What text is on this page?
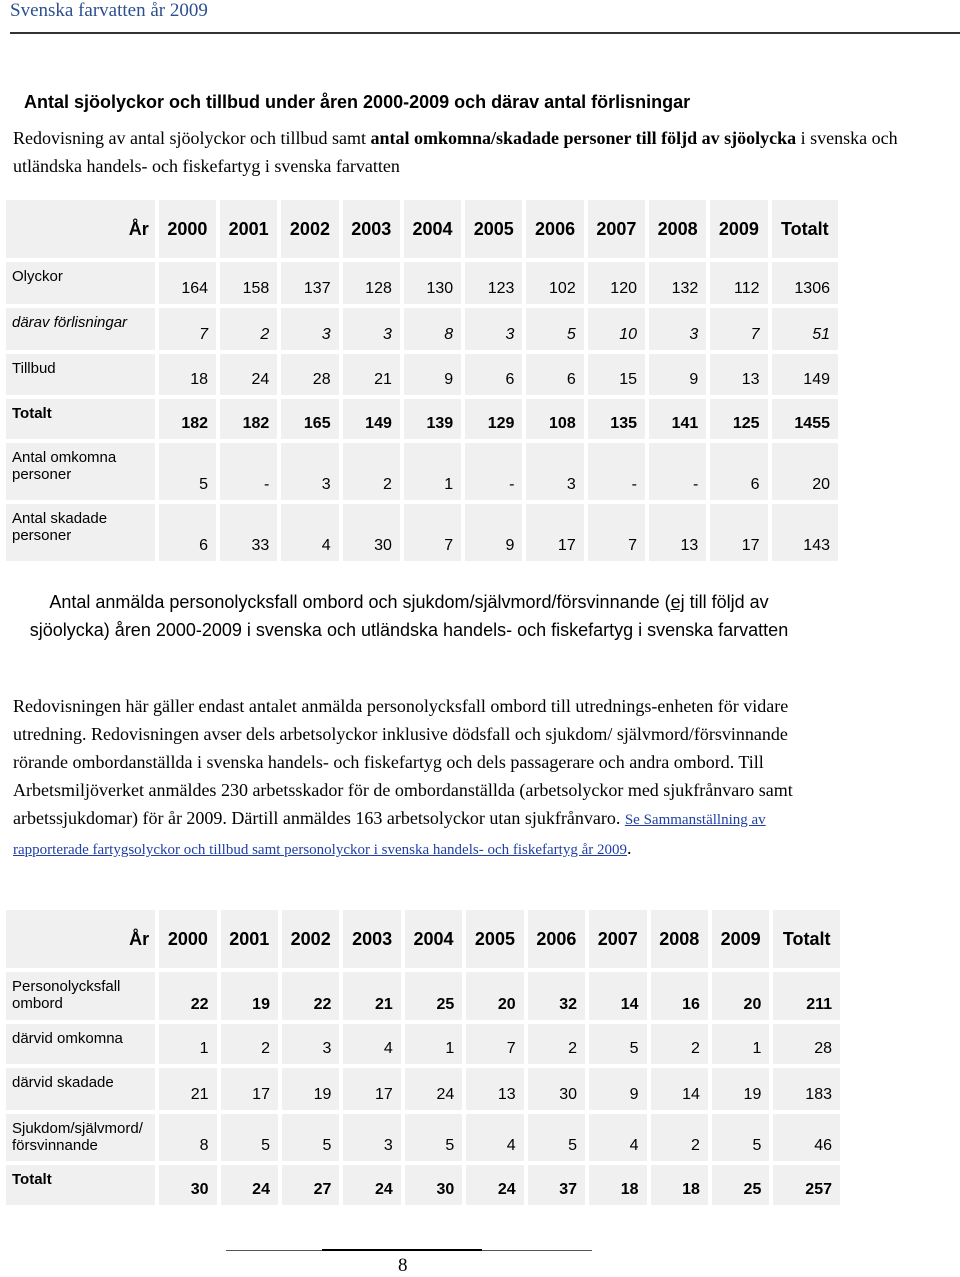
Svenska farvatten år 2009
Antal sjöolyckor och tillbud under åren 2000-2009 och därav antal förlisningar
Redovisning av antal sjöolyckor och tillbud samt antal omkomna/skadade personer till följd av sjöolycka i svenska och utländska handels- och fiskefartyg i svenska farvatten
År	2000	2001	2002	2003	2004	2005	2006	2007	2008	2009	Totalt
Olyckor	164	158	137	128	130	123	102	120	132	112	1306
därav förlisningar	7	2	3	3	8	3	5	10	3	7	51
Tillbud	18	24	28	21	9	6	6	15	9	13	149
Totalt	182	182	165	149	139	129	108	135	141	125	1455
Antal omkomna personer	5	-	3	2	1	-	3	-	-	6	20
Antal skadade personer	6	33	4	30	7	9	17	7	13	17	143
Antal anmälda personolycksfall ombord och sjukdom/självmord/försvinnande (ej till följd av sjöolycka) åren 2000-2009 i svenska och utländska handels- och fiskefartyg i svenska farvatten
Redovisningen här gäller endast antalet anmälda personolycksfall ombord till utrednings-enheten för vidare utredning. Redovisningen avser dels arbetsolyckor inklusive dödsfall och sjukdom/ självmord/försvinnande rörande ombordanställda i svenska handels- och fiskefartyg och dels passagerare och andra ombord. Till Arbetsmiljöverket anmäldes 230 arbetsskador för de ombordanställda (arbetsolyckor med sjukfrånvaro samt arbetssjukdomar) för år 2009. Därtill anmäldes 163 arbetsolyckor utan sjukfrånvaro. Se Sammanställning av rapporterade fartygsolyckor och tillbud samt personolyckor i svenska handels- och fiskefartyg år 2009.
År	2000	2001	2002	2003	2004	2005	2006	2007	2008	2009	Totalt
Personolycksfall ombord	22	19	22	21	25	20	32	14	16	20	211
därvid omkomna	1	2	3	4	1	7	2	5	2	1	28
därvid skadade	21	17	19	17	24	13	30	9	14	19	183
Sjukdom/självmord/ försvinnande	8	5	5	3	5	4	5	4	2	5	46
Totalt	30	24	27	24	30	24	37	18	18	25	257
8
